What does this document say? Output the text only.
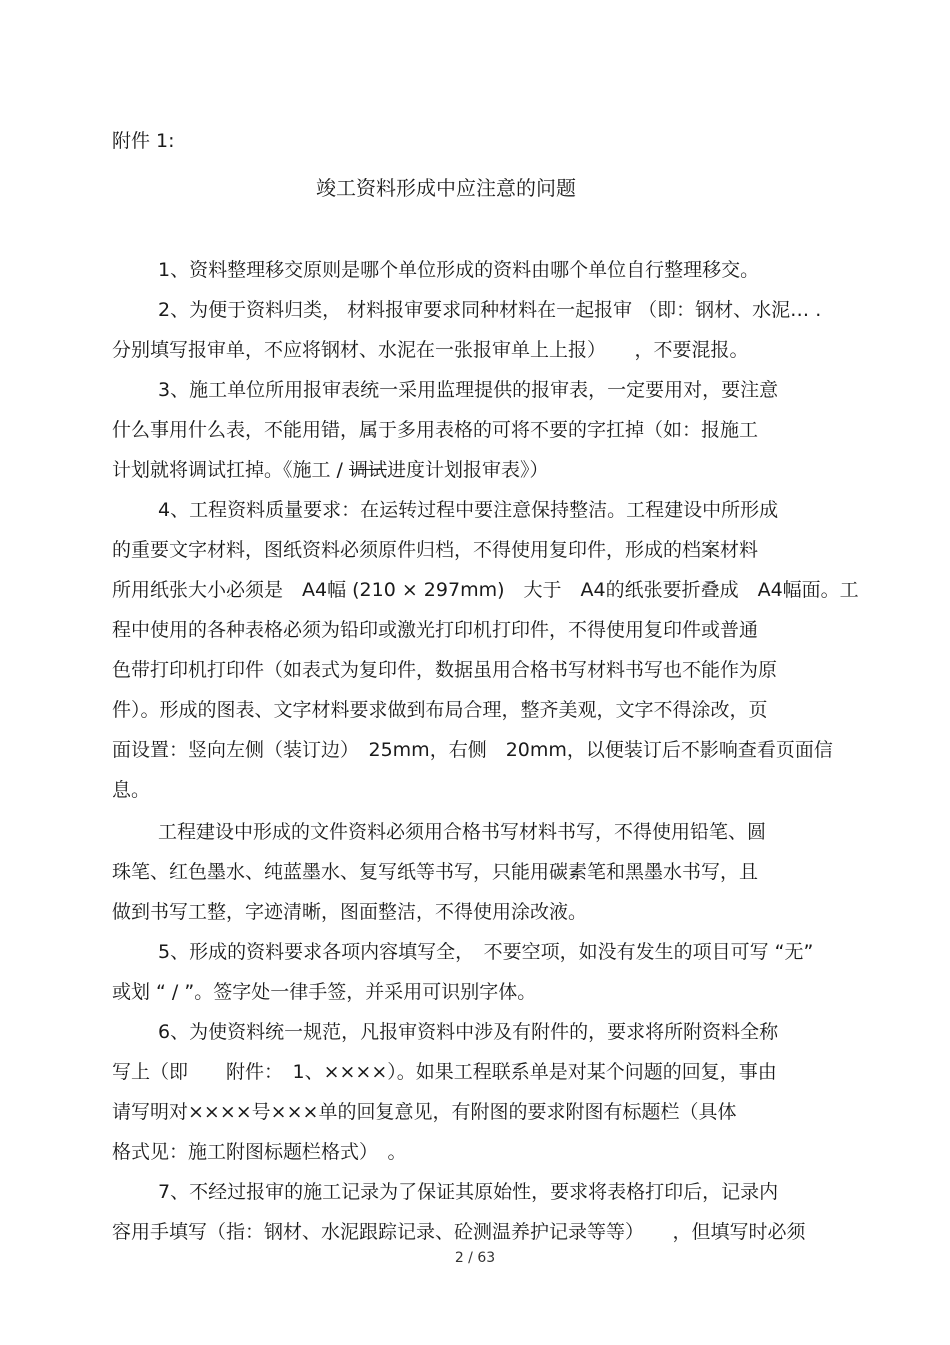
附件 1:
竣工资料形成中应注意的问题
1、资料整理移交原则是哪个单位形成的资料由哪个单位自行整理移交。
2、为便于资料归类， 材料报审要求同种材料在一起报审 （即：钢材、水泥… .
分别填写报审单，不应将钢材、水泥在一张报审单上上报）　　，不要混报。
3、施工单位所用报审表统一采用监理提供的报审表，一定要用对，要注意
什么事用什么表，不能用错，属于多用表格的可将不要的字扛掉（如：报施工
计划就将调试扛掉。《施工 / 调试进度计划报审表》）
4、工程资料质量要求：在运转过程中要注意保持整洁。工程建设中所形成
的重要文字材料，图纸资料必须原件归档，不得使用复印件，形成的档案材料
所用纸张大小必须是　A4幅 (210 × 297mm)　大于　A4的纸张要折叠成　A4幅面。工
程中使用的各种表格必须为铅印或激光打印机打印件，不得使用复印件或普通
色带打印机打印件（如表式为复印件，数据虽用合格书写材料书写也不能作为原
件）。形成的图表、文字材料要求做到布局合理，整齐美观，文字不得涂改，页
面设置：竖向左侧（装订边）　25mm，右侧　20mm，以便装订后不影响查看页面信
息。
工程建设中形成的文件资料必须用合格书写材料书写，不得使用铅笔、圆
珠笔、红色墨水、纯蓝墨水、复写纸等书写，只能用碳素笔和黑墨水书写，且
做到书写工整，字迹清晰，图面整洁，不得使用涂改液。
5、形成的资料要求各项内容填写全，　不要空项，如没有发生的项目可写 “无”
或划 “ / ”。签字处一律手签，并采用可识别字体。
6、为使资料统一规范，凡报审资料中涉及有附件的，要求将所附资料全称
写上（即　　附件：　1、××××）。如果工程联系单是对某个问题的回复，事由
请写明对××××号×××单的回复意见，有附图的要求附图有标题栏（具体
格式见：施工附图标题栏格式）　。
7、不经过报审的施工记录为了保证其原始性，要求将表格打印后，记录内
容用手填写（指：钢材、水泥跟踪记录、砼测温养护记录等等）　　，但填写时必须
2 / 63
